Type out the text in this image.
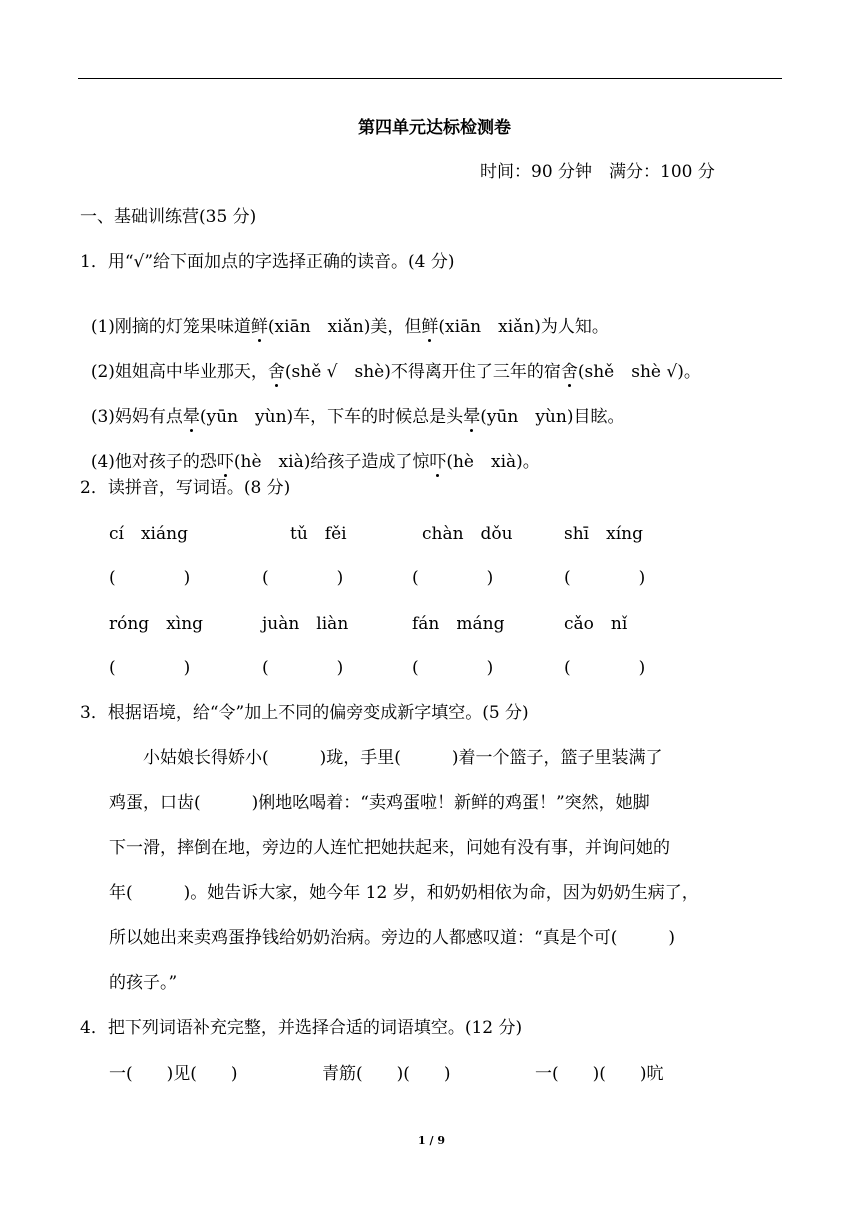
第四单元达标检测卷
时间：90 分钟　满分：100 分
一、基础训练营(35 分)
1．用“√”给下面加点的字选择正确的读音。(4 分)

(1)刚摘的灯笼果味道鲜(xiān　xiǎn)美，但鲜(xiān　xiǎn)为人知。

(2)姐姐高中毕业那天，舍(shě √　shè)不得离开住了三年的宿舍(shě　shè √)。

(3)妈妈有点晕(yūn　yùn)车，下车的时候总是头晕(yūn　yùn)目眩。

(4)他对孩子的恐吓(hè　xià)给孩子造成了惊吓(hè　xià)。

2．读拼音，写词语。(8 分)
cí　xiáng	tǔ　fěi	chàn　dǒu	shī　xíng
(　　　　)	(　　　　)	(　　　　)	(　　　　)
róng　xìng	juàn　liàn	fán　máng	cǎo　nǐ
(　　　　)	(　　　　)	(　　　　)	(　　　　)
3．根据语境，给“令”加上不同的偏旁变成新字填空。(5 分)
　　小姑娘长得娇小(　　　)珑，手里(　　　)着一个篮子，篮子里装满了
鸡蛋，口齿(　　　)俐地吆喝着：“卖鸡蛋啦！新鲜的鸡蛋！”突然，她脚
下一滑，摔倒在地，旁边的人连忙把她扶起来，问她有没有事，并询问她的
年(　　　)。她告诉大家，她今年 12 岁，和奶奶相依为命，因为奶奶生病了，
所以她出来卖鸡蛋挣钱给奶奶治病。旁边的人都感叹道：“真是个可(　　　)
的孩子。”
4．把下列词语补充完整，并选择合适的词语填空。(12 分)
一(　　)见(　　)	青筋(　　)(　　)	一(　　)(　　)吭
1 / 9
